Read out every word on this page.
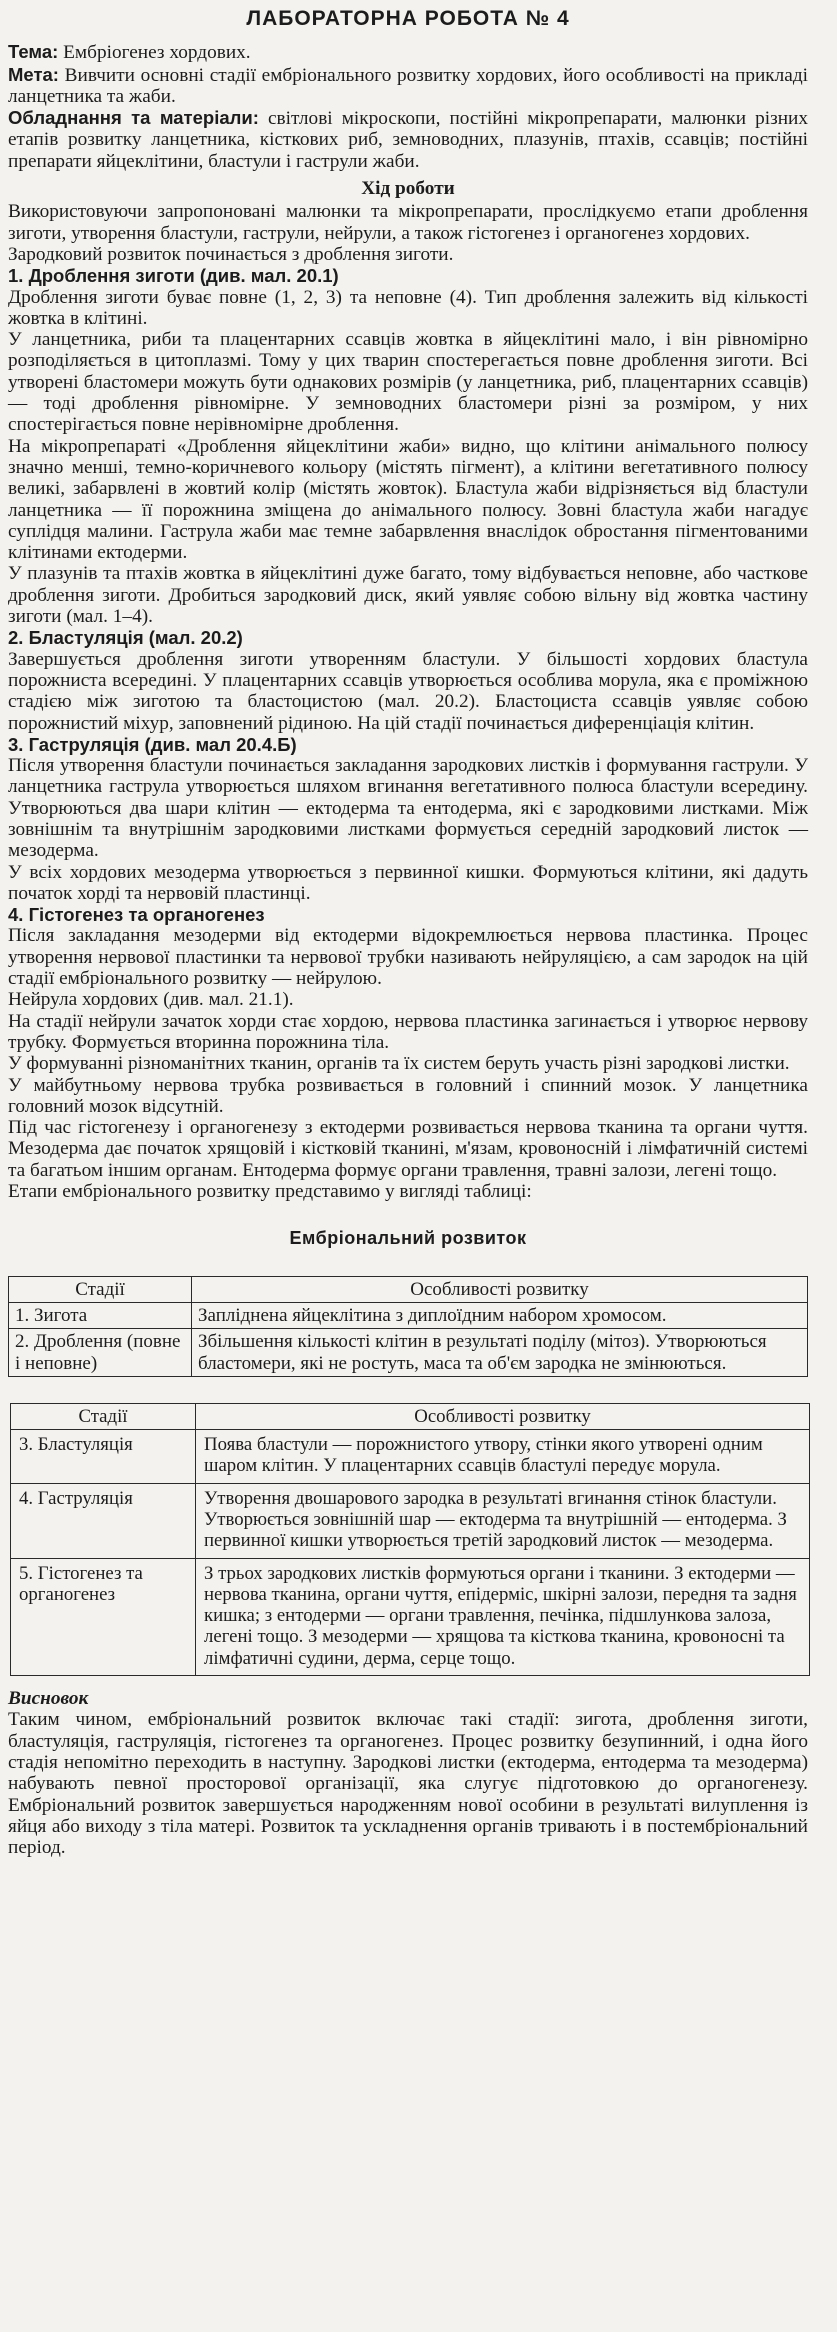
ЛАБОРАТОРНА РОБОТА № 4

Тема: Ембріогенез хордових.

Мета: Вивчити основні стадії ембріонального розвитку хордових, його особливості на прикладі ланцетника та жаби.

Обладнання та матеріали: світлові мікроскопи, постійні мікропрепарати, малюнки різних етапів розвитку ланцетника, кісткових риб, земноводних, плазунів, птахів, ссавців; постійні препарати яйцеклітини, бластули і гаструли жаби.

Хід роботи

Використовуючи запропоновані малюнки та мікропрепарати, прослідкуємо етапи дроблення зиготи, утворення бластули, гаструли, нейрули, а також гістогенез і органогенез хордових.

Зародковий розвиток починається з дроблення зиготи.

1. Дроблення зиготи (див. мал. 20.1)

Дроблення зиготи буває повне (1, 2, 3) та неповне (4). Тип дроблення залежить від кількості жовтка в клітині.

У ланцетника, риби та плацентарних ссавців жовтка в яйцеклітині мало, і він рівномірно розподіляється в цитоплазмі. Тому у цих тварин спостерегається повне дроблення зиготи. Всі утворені бластомери можуть бути однакових розмірів (у ланцетника, риб, плацентарних ссавців) — тоді дроблення рівномірне. У земноводних бластомери різні за розміром, у них спостерігається повне нерівномірне дроблення.

На мікропрепараті «Дроблення яйцеклітини жаби» видно, що клітини анімального полюсу значно менші, темно-коричневого кольору (містять пігмент), а клітини вегетативного полюсу великі, забарвлені в жовтий колір (містять жовток). Бластула жаби відрізняється від бластули ланцетника — її порожнина зміщена до анімального полюсу. Зовні бластула жаби нагадує суплідця малини. Гаструла жаби має темне забарвлення внаслідок обростання пігментованими клітинами ектодерми.

У плазунів та птахів жовтка в яйцеклітині дуже багато, тому відбувається неповне, або часткове дроблення зиготи. Дробиться зародковий диск, який уявляє собою вільну від жовтка частину зиготи (мал. 1–4).

2. Бластуляція (мал. 20.2)

Завершується дроблення зиготи утворенням бластули. У більшості хордових бластула порожниста всередині. У плацентарних ссавців утворюється особлива морула, яка є проміжною стадією між зиготою та бластоцистою (мал. 20.2). Бластоциста ссавців уявляє собою порожнистий міхур, заповнений рідиною. На цій стадії починається диференціація клітин.

3. Гаструляція (див. мал 20.4.Б)

Після утворення бластули починається закладання зародкових листків і формування гаструли. У ланцетника гаструла утворюється шляхом вгинання вегетативного полюса бластули всередину. Утворюються два шари клітин — ектодерма та ентодерма, які є зародковими листками. Між зовнішнім та внутрішнім зародковими листками формується середній зародковий листок — мезодерма.

У всіх хордових мезодерма утворюється з первинної кишки. Формуються клітини, які дадуть початок хорді та нервовій пластинці.

4. Гістогенез та органогенез

Після закладання мезодерми від ектодерми відокремлюється нервова пластинка. Процес утворення нервової пластинки та нервової трубки називають нейруляцією, а сам зародок на цій стадії ембріонального розвитку — нейрулою.

Нейрула хордових (див. мал. 21.1).

На стадії нейрули зачаток хорди стає хордою, нервова пластинка загинається і утворює нервову трубку. Формується вторинна порожнина тіла.

У формуванні різноманітних тканин, органів та їх систем беруть участь різні зародкові листки.

У майбутньому нервова трубка розвивається в головний і спинний мозок. У ланцетника головний мозок відсутній.

Під час гістогенезу і органогенезу з ектодерми розвивається нервова тканина та органи чуття. Мезодерма дає початок хрящовій і кістковій тканині, м'язам, кровоносній і лімфатичній системі та багатьом іншим органам. Ентодерма формує органи травлення, травні залози, легені тощо.

Етапи ембріонального розвитку представимо у вигляді таблиці:

Ембріональний розвиток

Стадії	Особливості розвитку
1. Зигота	Запліднена яйцеклітина з диплоїдним набором хромосом.
2. Дроблення (повне і неповне)	Збільшення кількості клітин в результаті поділу (мітоз). Утворюються бластомери, які не ростуть, маса та об'єм зародка не змінюються.
Стадії	Особливості розвитку
3. Бластуляція	Поява бластули — порожнистого утвору, стінки якого утворені одним шаром клітин. У плацентарних ссавців бластулі передує морула.
4. Гаструляція	Утворення двошарового зародка в результаті вгинання стінок бластули. Утворюється зовнішній шар — ектодерма та внутрішній — ентодерма. З первинної кишки утворюється третій зародковий листок — мезодерма.
5. Гістогенез та органогенез	З трьох зародкових листків формуються органи і тканини. З ектодерми — нервова тканина, органи чуття, епідерміс, шкірні залози, передня та задня кишка; з ентодерми — органи травлення, печінка, підшлункова залоза, легені тощо. З мезодерми — хрящова та кісткова тканина, кровоносні та лімфатичні судини, дерма, серце тощо.

Висновок

Таким чином, ембріональний розвиток включає такі стадії: зигота, дроблення зиготи, бластуляція, гаструляція, гістогенез та органогенез. Процес розвитку безупинний, і одна його стадія непомітно переходить в наступну. Зародкові листки (ектодерма, ентодерма та мезодерма) набувають певної просторової організації, яка слугує підготовкою до органогенезу. Ембріональний розвиток завершується народженням нової особини в результаті вилуплення із яйця або виходу з тіла матері. Розвиток та ускладнення органів тривають і в постембріональний період.
